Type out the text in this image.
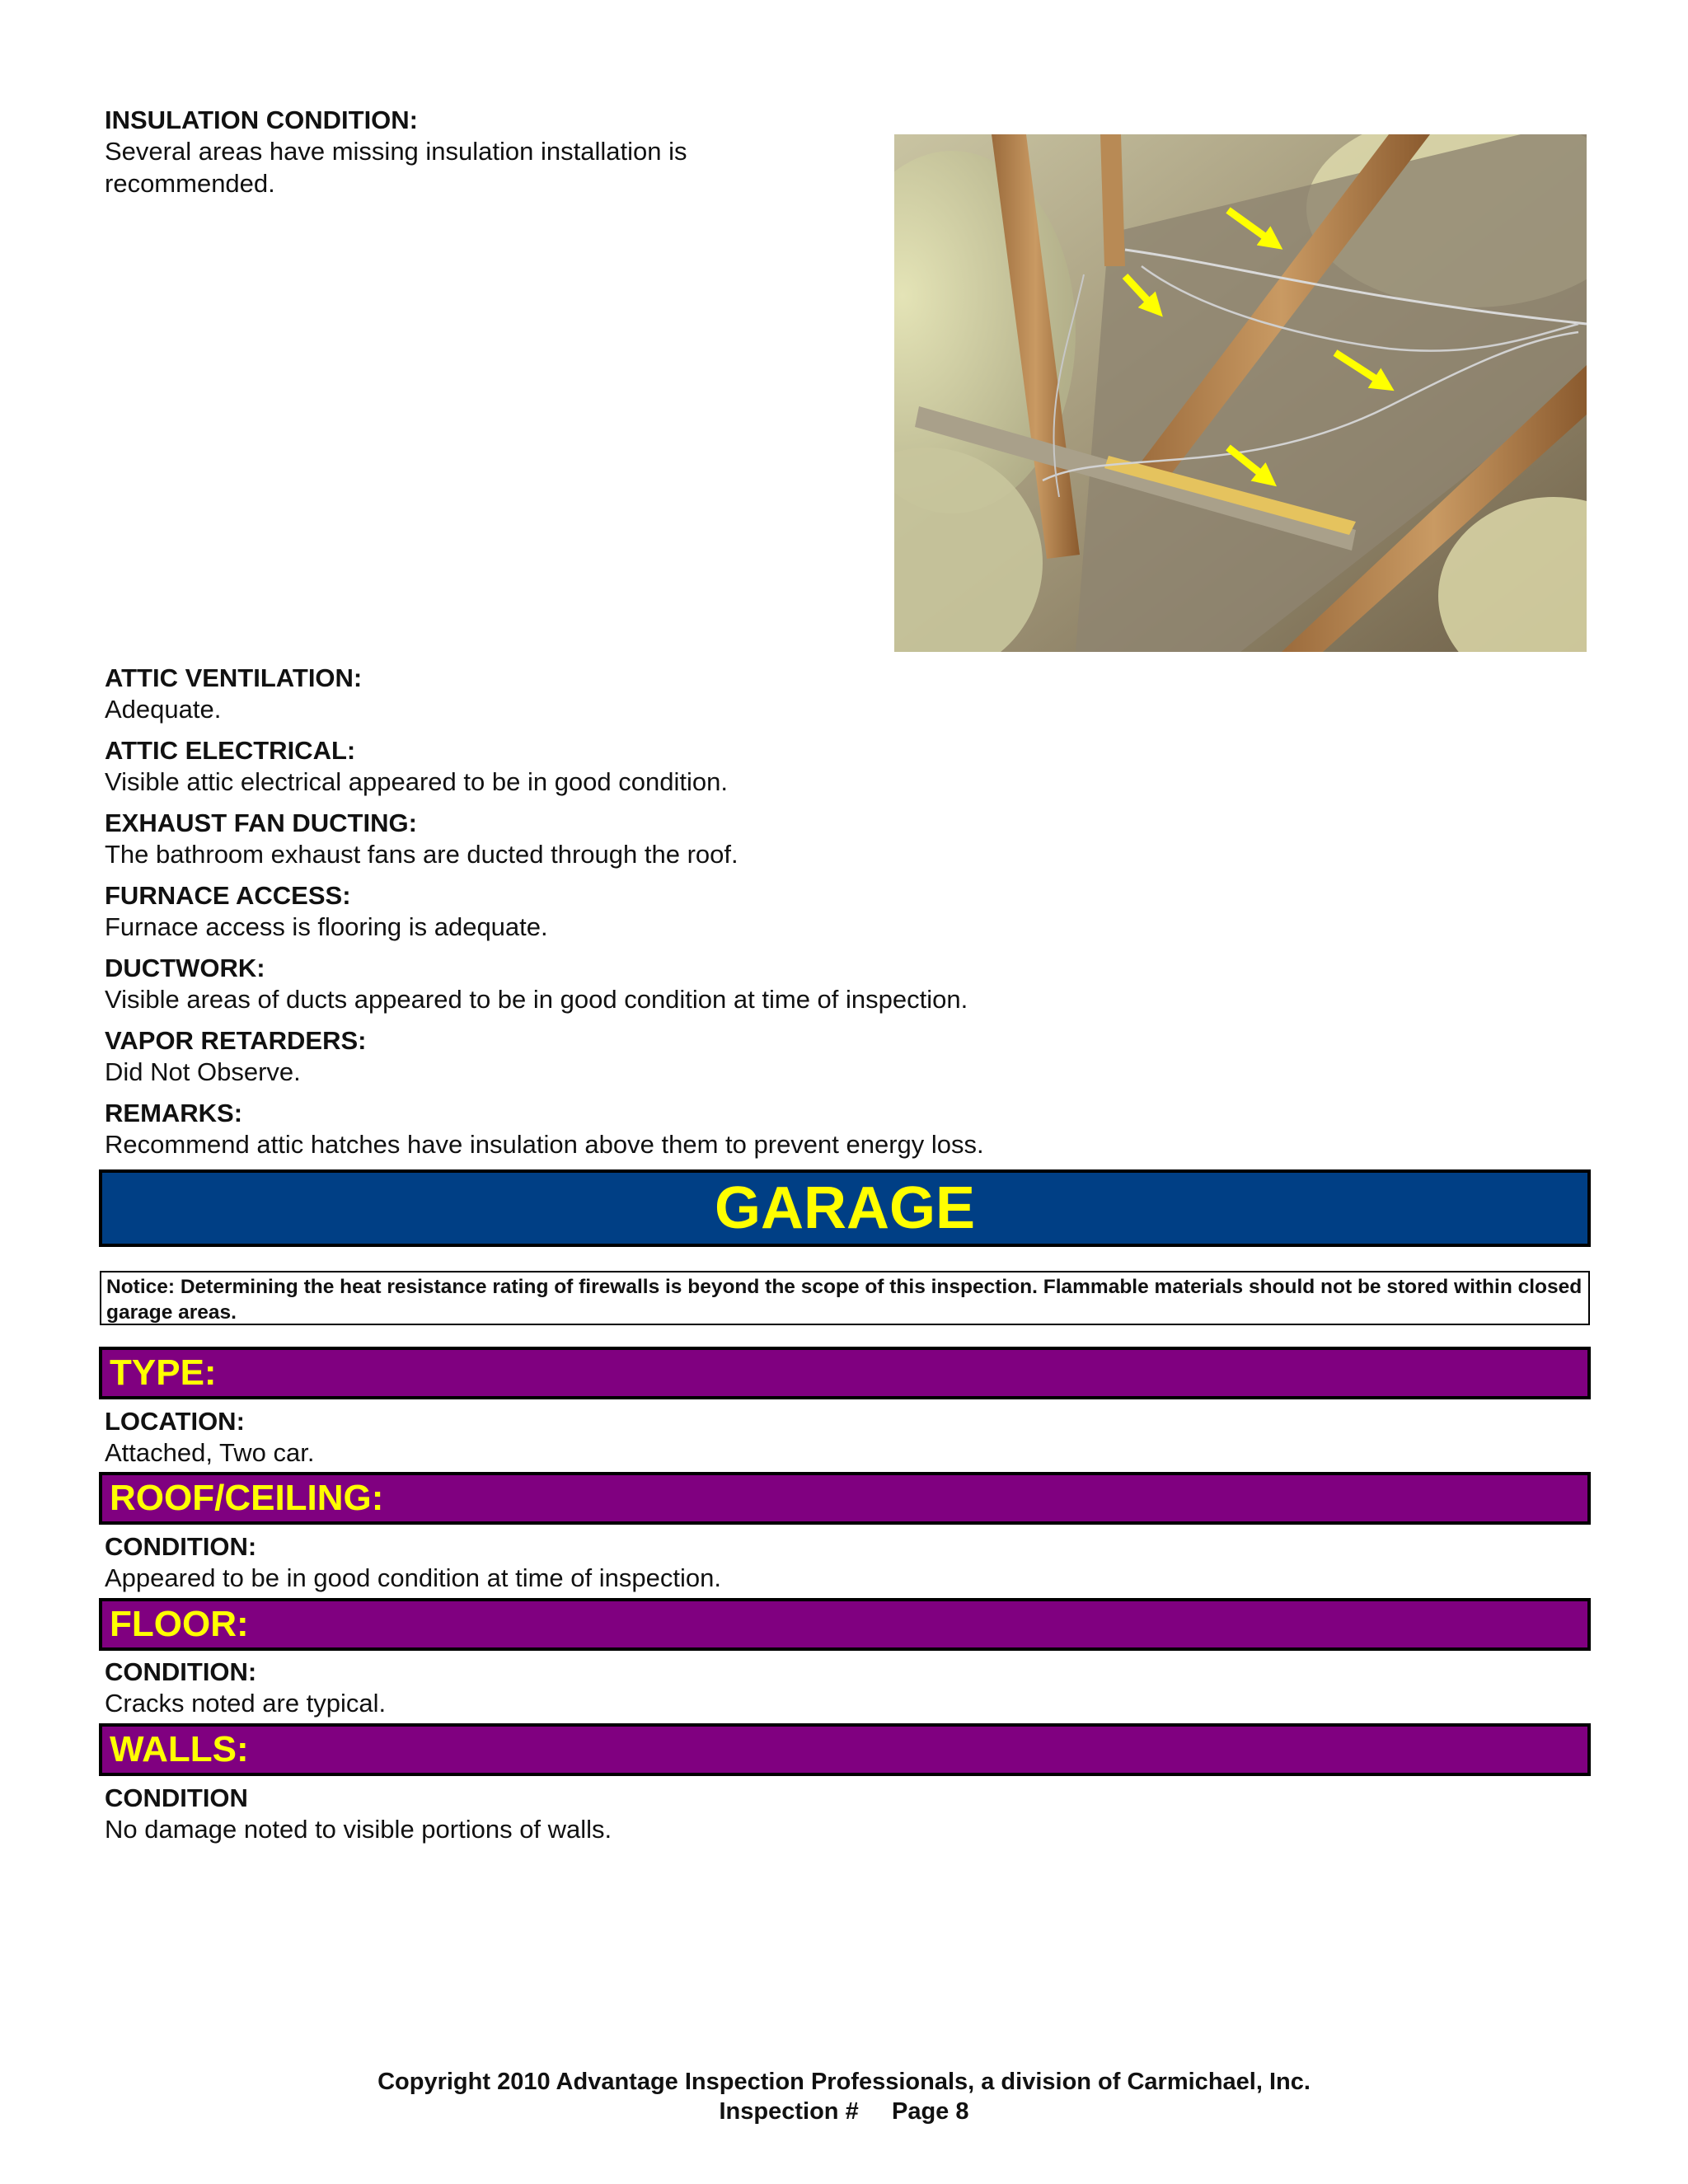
INSULATION CONDITION:
Several areas have missing insulation installation is
recommended.
ATTIC VENTILATION:
Adequate.
ATTIC ELECTRICAL:
Visible attic electrical appeared to be in good condition.
EXHAUST FAN DUCTING:
The bathroom exhaust fans are ducted through the roof.
FURNACE ACCESS:
Furnace access is flooring is adequate.
DUCTWORK:
Visible areas of ducts appeared to be in good condition at time of inspection.
VAPOR RETARDERS:
Did Not Observe.
REMARKS:
Recommend attic hatches have insulation above them to prevent energy loss.
GARAGE
Notice: Determining the heat resistance rating of firewalls is beyond the scope of this inspection. Flammable materials should not be stored within closed garage areas.
TYPE:
LOCATION:
Attached, Two car.
ROOF/CEILING:
CONDITION:
Appeared to be in good condition at time of inspection.
FLOOR:
CONDITION:
Cracks noted are typical.
WALLS:
CONDITION
No damage noted to visible portions of walls.
Copyright 2010 Advantage Inspection Professionals, a division of Carmichael, Inc.
Inspection #     Page 8
